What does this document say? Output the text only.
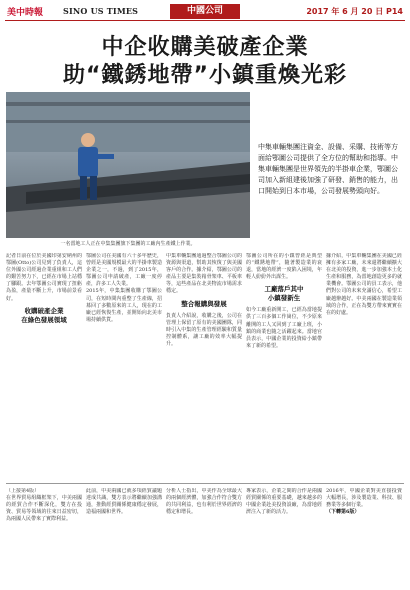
美中時報 SINO US TIMES	中國公司	2017 年 6 月 20 日 P14
中企收購美破產企業
助“鐵銹地帶”小鎮重煥光彩
一名當地工人正在中集集團旗下集團的工廠內生產鐵上作業。
中集車輛集團注資金、設備、采購、技術等方面給鄂圖公司提供了全方位的幫助和指導。中集車輛集團是世界領先的半掛車企業，鄂圖公司加入新組建後加強了研發、銷售的能力，出口開始到日本市場，公司發展勢頭向好。
記者日前在位於美國印第安納州的鄂圖(Otto)公司見到了負責人，這位外國公司經過企業重組和工人們的艱苦努力下，已經在市場上站穩了腳跟。去年鄂圖公司實現了扭虧為盈，產量不斷上升，市場前景看好。
收購破產企業
在綠色發展領域
鄂圖公司在美國有六十多年歷史，曾經是美國規模最大的半掛車製造企業之一，不過，到了2015年，鄂圖公司申請破產，工廠一度停產，許多工人失業。
2015年，中集集團收購了鄂圖公司，在短時間內重整了生產線，招募回了多數原來的工人，現在的工廠已經恢復生產，並開始向北美市場持續供貨。
中集車輛集團通過整合鄂圖公司的資源與渠道，幫助其恢復了與美國客戶的合作。據介紹，鄂圖公司的產品主要是集裝箱骨架車、平板車等，這些產品在北美物流市場需求穩定。
整合報購與發展
負責人介紹說，收購之後，公司在管理上保留了原有的美國團隊，同時引入中集的生產管理經驗和質量控制體系，讓工廠的效率大幅提升。
鄂圖公司所在的小鎮曾經是典型的“鐵銹地帶”，隨著製造業的衰退，當地的經濟一度陷入困境，年輕人紛紛外出謀生。
工廠落戶其中
小鎮發新生
如今工廠重新開工，已經為當地提供了三百多個工作崗位，不少原來離開的工人又回到了工廠上班，小鎮的商業也隨之活躍起來。當地官員表示，中國企業的投資給小鎮帶來了新的希望。
據介紹，中集車輛集團在美國已經擁有多家工廠，未來還將繼續擴大在北美的投資，進一步加強本土化生產和服務，為當地創造更多的就業機會。鄂圖公司的員工表示，他們對公司的未來充滿信心，希望工廠越辦越好。中美兩國在製造業領域的合作，正在為雙方帶來實實在在的好處。
（上接第4版）
在世界貿易組織框架下，中美兩國的經貿合作不斷深化，雙方在投資、貿易等領域的往來日益密切，為兩國人民帶來了實際利益。
此前，中美兩國已就多項經貿議題達成共識，雙方表示將繼續加強溝通，推動經貿關係健康穩定發展，造福兩國和世界。
分析人士指出，中美作為全球最大的兩個經濟體，加強合作符合雙方的共同利益，也有利於世界經濟的穩定和增長。
專家表示，企業之間的合作是兩國經貿關係的重要基礎，越來越多的中國企業赴美投資設廠，為當地經濟注入了新的活力。
2016年，中國企業對美直接投資大幅增長，涉及製造業、科技、服務業等多個行業。
（下轉第6版）
